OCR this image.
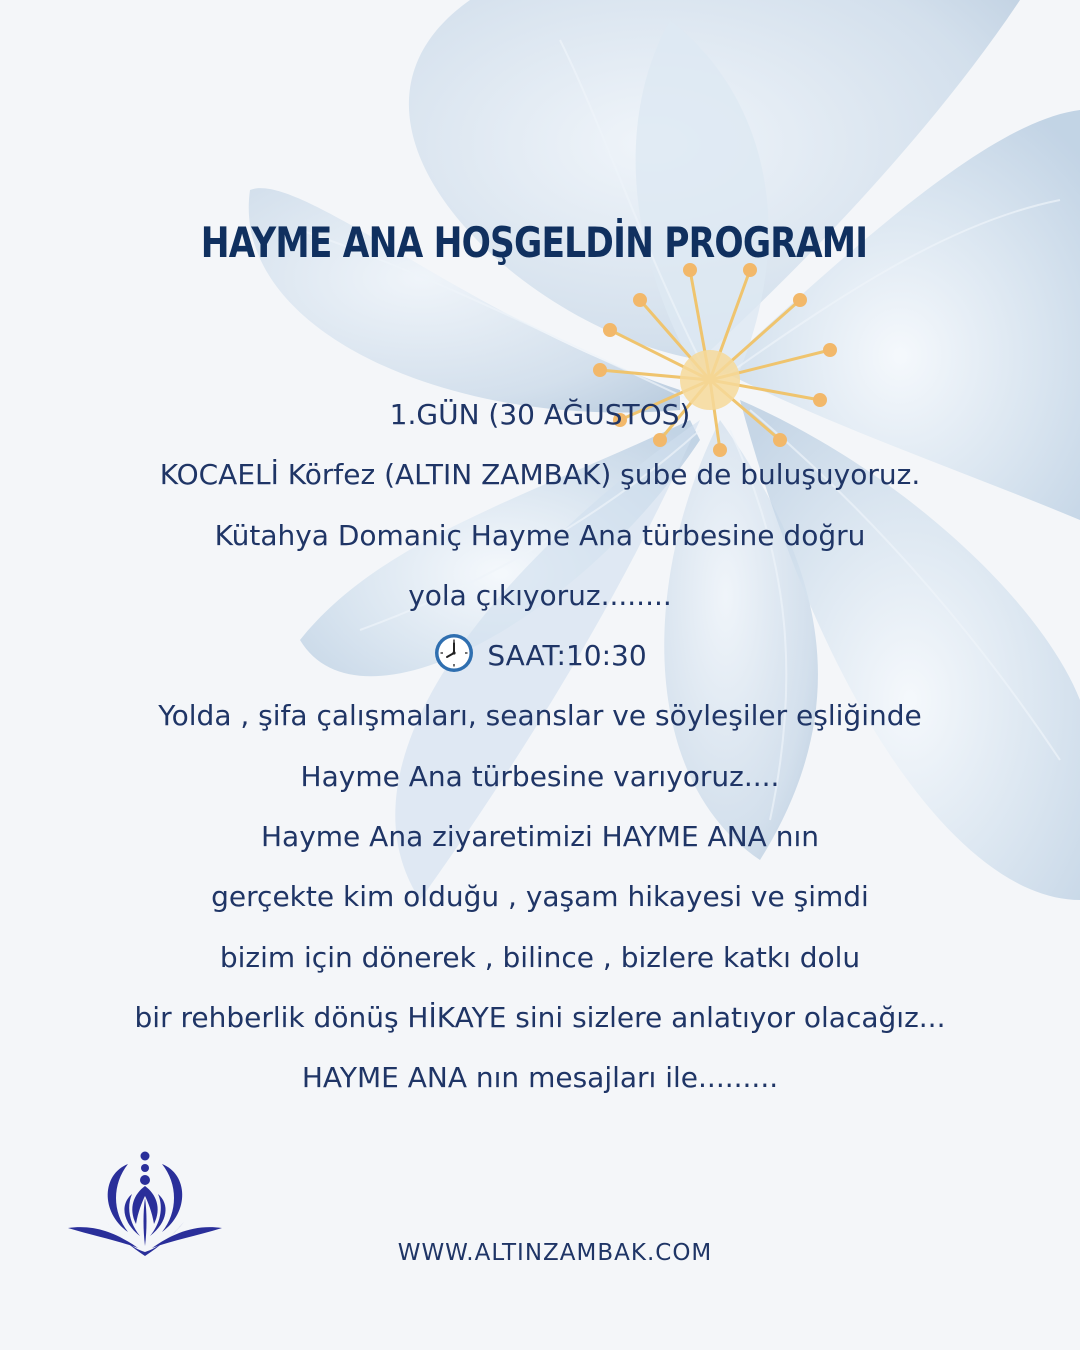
HAYME ANA HOŞGELDİN PROGRAMI
1.GÜN (30 AĞUSTOS)
KOCAELİ Körfez (ALTIN ZAMBAK) şube de buluşuyoruz.
Kütahya Domaniç Hayme Ana türbesine doğru
yola çıkıyoruz........
SAAT:10:30
Yolda , şifa çalışmaları, seanslar ve söyleşiler eşliğinde
Hayme Ana türbesine varıyoruz....
Hayme Ana ziyaretimizi HAYME ANA nın
gerçekte kim olduğu , yaşam hikayesi ve şimdi
bizim için dönerek , bilince , bizlere katkı dolu
bir rehberlik dönüş HİKAYE sini sizlere anlatıyor olacağız...
HAYME ANA nın mesajları ile.........
WWW.ALTINZAMBAK.COM
